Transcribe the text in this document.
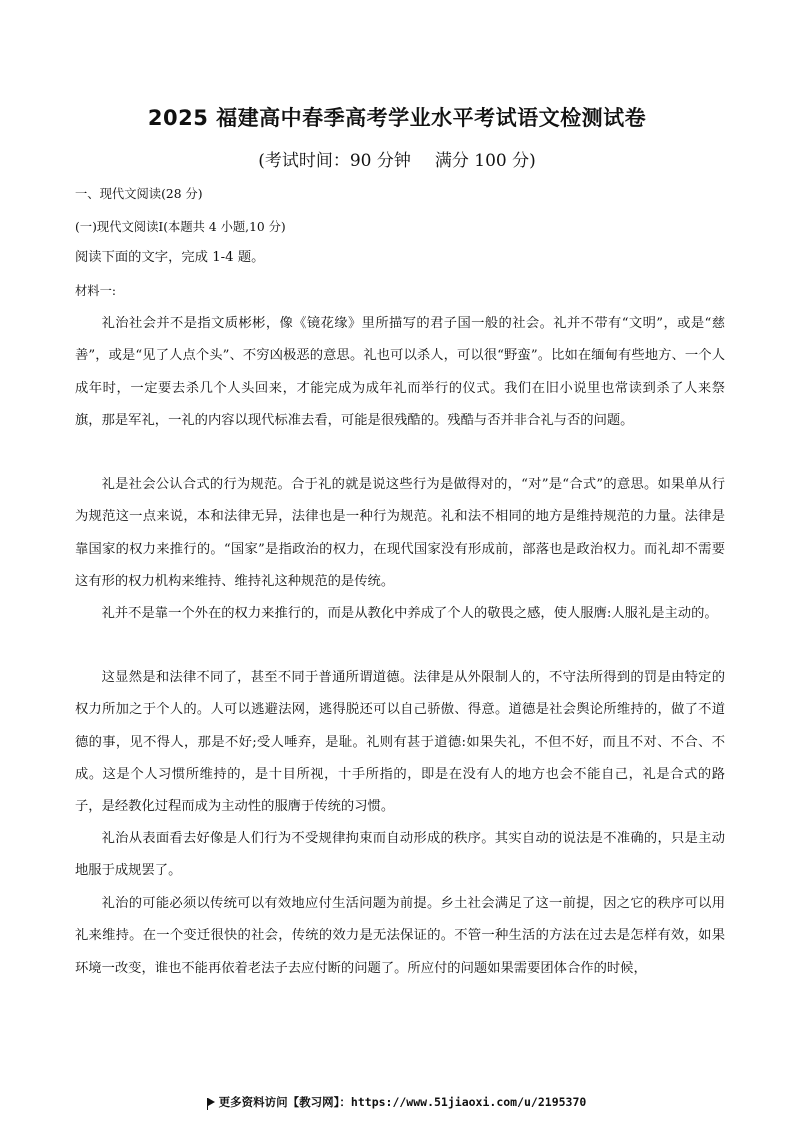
2025 福建高中春季高考学业水平考试语文检测试卷
(考试时间：90 分钟 满分 100 分)
一、现代文阅读(28 分)
(一)现代文阅读Ⅰ(本题共 4 小题,10 分)
阅读下面的文字，完成 1-4 题。
材料一:

礼治社会并不是指文质彬彬，像《镜花缘》里所描写的君子国一般的社会。礼并不带有“文明”，或是“慈善”，或是“见了人点个头”、不穷凶极恶的意思。礼也可以杀人，可以很“野蛮”。比如在缅甸有些地方、一个人成年时，一定要去杀几个人头回来，才能完成为成年礼而举行的仪式。我们在旧小说里也常读到杀了人来祭旗，那是军礼，一礼的内容以现代标准去看，可能是很残酷的。残酷与否并非合礼与否的问题。

礼是社会公认合式的行为规范。合于礼的就是说这些行为是做得对的，“对”是“合式”的意思。如果单从行为规范这一点来说，本和法律无异，法律也是一种行为规范。礼和法不相同的地方是维持规范的力量。法律是靠国家的权力来推行的。“国家”是指政治的权力，在现代国家没有形成前，部落也是政治权力。而礼却不需要这有形的权力机构来维持、维持礼这种规范的是传统。

礼并不是靠一个外在的权力来推行的，而是从教化中养成了个人的敬畏之感，使人服膺:人服礼是主动的。

这显然是和法律不同了，甚至不同于普通所谓道德。法律是从外限制人的，不守法所得到的罚是由特定的权力所加之于个人的。人可以逃避法网，逃得脱还可以自己骄傲、得意。道德是社会舆论所维持的，做了不道德的事，见不得人，那是不好;受人唾弃，是耻。礼则有甚于道德:如果失礼，不但不好，而且不对、不合、不成。这是个人习惯所维持的，是十目所视，十手所指的，即是在没有人的地方也会不能自己，礼是合式的路子，是经教化过程而成为主动性的服膺于传统的习惯。

礼治从表面看去好像是人们行为不受规律拘束而自动形成的秩序。其实自动的说法是不准确的，只是主动地服于成规罢了。

礼治的可能必须以传统可以有效地应付生活问题为前提。乡土社会满足了这一前提，因之它的秩序可以用礼来维持。在一个变迁很快的社会，传统的效力是无法保证的。不管一种生活的方法在过去是怎样有效，如果环境一改变，谁也不能再依着老法子去应付断的问题了。所应付的问题如果需要团体合作的时候，

更多资料访问【教习网】：https://www.51jiaoxi.com/u/2195370
